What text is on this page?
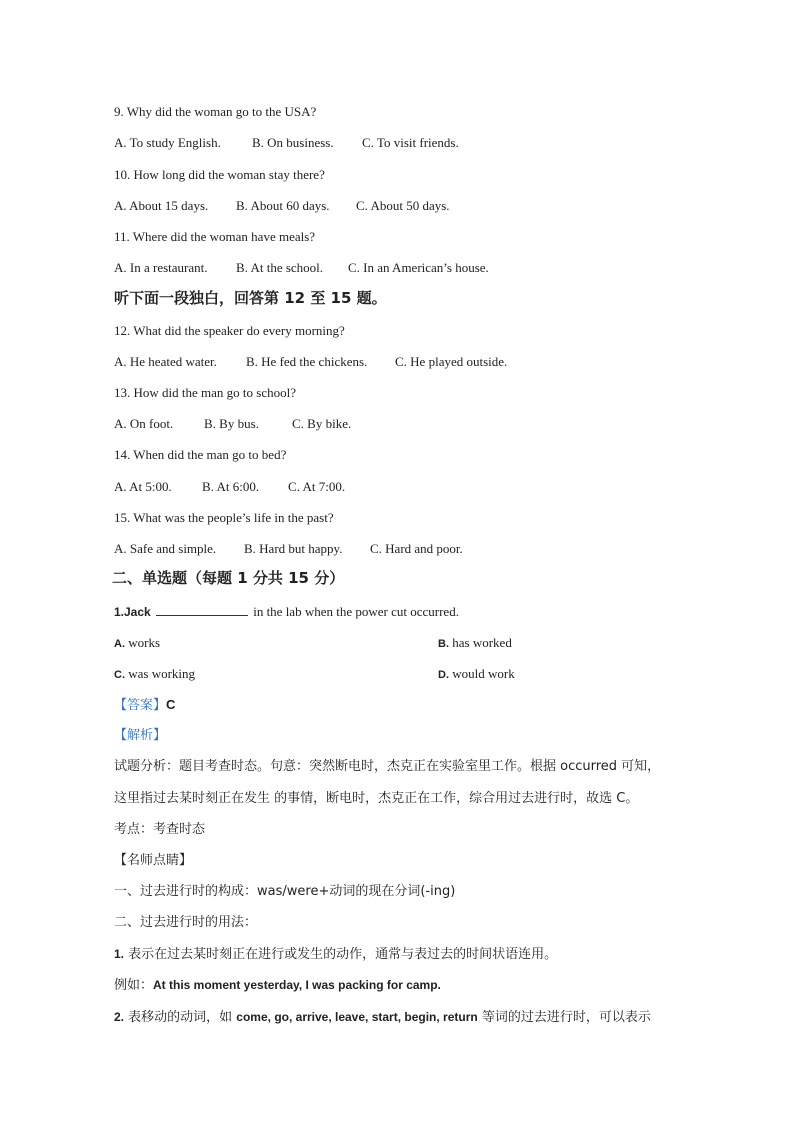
9. Why did the woman go to the USA?
A. To study English. B. On business. C. To visit friends.
10. How long did the woman stay there?
A. About 15 days. B. About 60 days. C. About 50 days.
11. Where did the woman have meals?
A. In a restaurant. B. At the school. C. In an American’s house.
听下面一段独白，回答第 12 至 15 题。
12. What did the speaker do every morning?
A. He heated water. B. He fed the chickens. C. He played outside.
13. How did the man go to school?
A. On foot. B. By bus.	C. By bike.
14. When did the man go to bed?
A. At 5:00. B. At 6:00. C. At 7:00.
15. What was the people’s life in the past?
A. Safe and simple. B. Hard but happy. C. Hard and poor.
二、单选题（每题 1 分共 15 分）
1.Jack	in the lab when the power cut occurred.
A. works	B. has worked
C. was working	D. would work
【答案】C
【解析】
试题分析：题目考查时态。句意：突然断电时，杰克正在实验室里工作。根据 occurred 可知，
这里指过去某时刻正在发生 的事情，断电时，杰克正在工作，综合用过去进行时，故选 C。
考点：考查时态
【名师点睛】
一、过去进行时的构成：was/were+动词的现在分词(-ing)
二、过去进行时的用法：
1. 表示在过去某时刻正在进行或发生的动作，通常与表过去的时间状语连用。
例如：At this moment yesterday, I was packing for camp.
2. 表移动的动词，如 come, go, arrive, leave, start, begin, return 等词的过去进行时，可以表示
